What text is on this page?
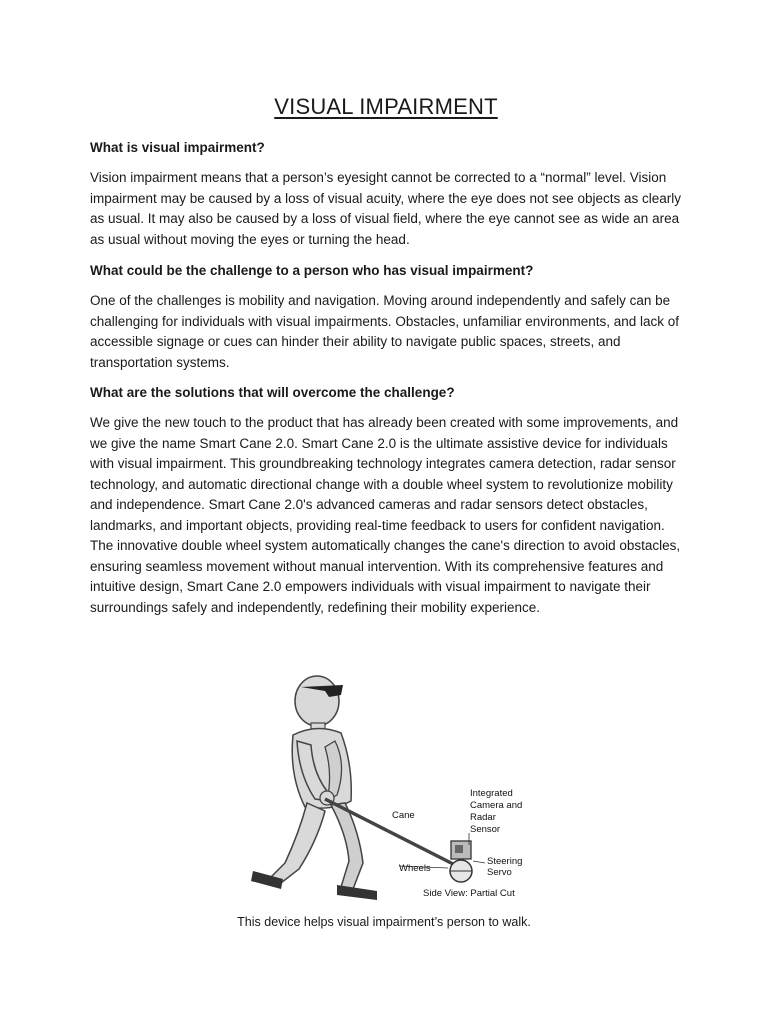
VISUAL IMPAIRMENT

What is visual impairment?

Vision impairment means that a person’s eyesight cannot be corrected to a “normal” level. Vision impairment may be caused by a loss of visual acuity, where the eye does not see objects as clearly as usual. It may also be caused by a loss of visual field, where the eye cannot see as wide an area as usual without moving the eyes or turning the head.

What could be the challenge to a person who has visual impairment?

One of the challenges is mobility and navigation. Moving around independently and safely can be challenging for individuals with visual impairments. Obstacles, unfamiliar environments, and lack of accessible signage or cues can hinder their ability to navigate public spaces, streets, and transportation systems.

What are the solutions that will overcome the challenge?

We give the new touch to the product that has already been created with some improvements, and we give the name Smart Cane 2.0. Smart Cane 2.0 is the ultimate assistive device for individuals with visual impairment. This groundbreaking technology integrates camera detection, radar sensor technology, and automatic directional change with a double wheel system to revolutionize mobility and independence. Smart Cane 2.0's advanced cameras and radar sensors detect obstacles, landmarks, and important objects, providing real-time feedback to users for confident navigation. The innovative double wheel system automatically changes the cane's direction to avoid obstacles, ensuring seamless movement without manual intervention. With its comprehensive features and intuitive design, Smart Cane 2.0 empowers individuals with visual impairment to navigate their surroundings safely and independently, redefining their mobility experience.

Integrated
Camera and
Radar
Sensor
Cane
Wheels
Steering
Servo
Side View: Partial Cut

This device helps visual impairment’s person to walk.
